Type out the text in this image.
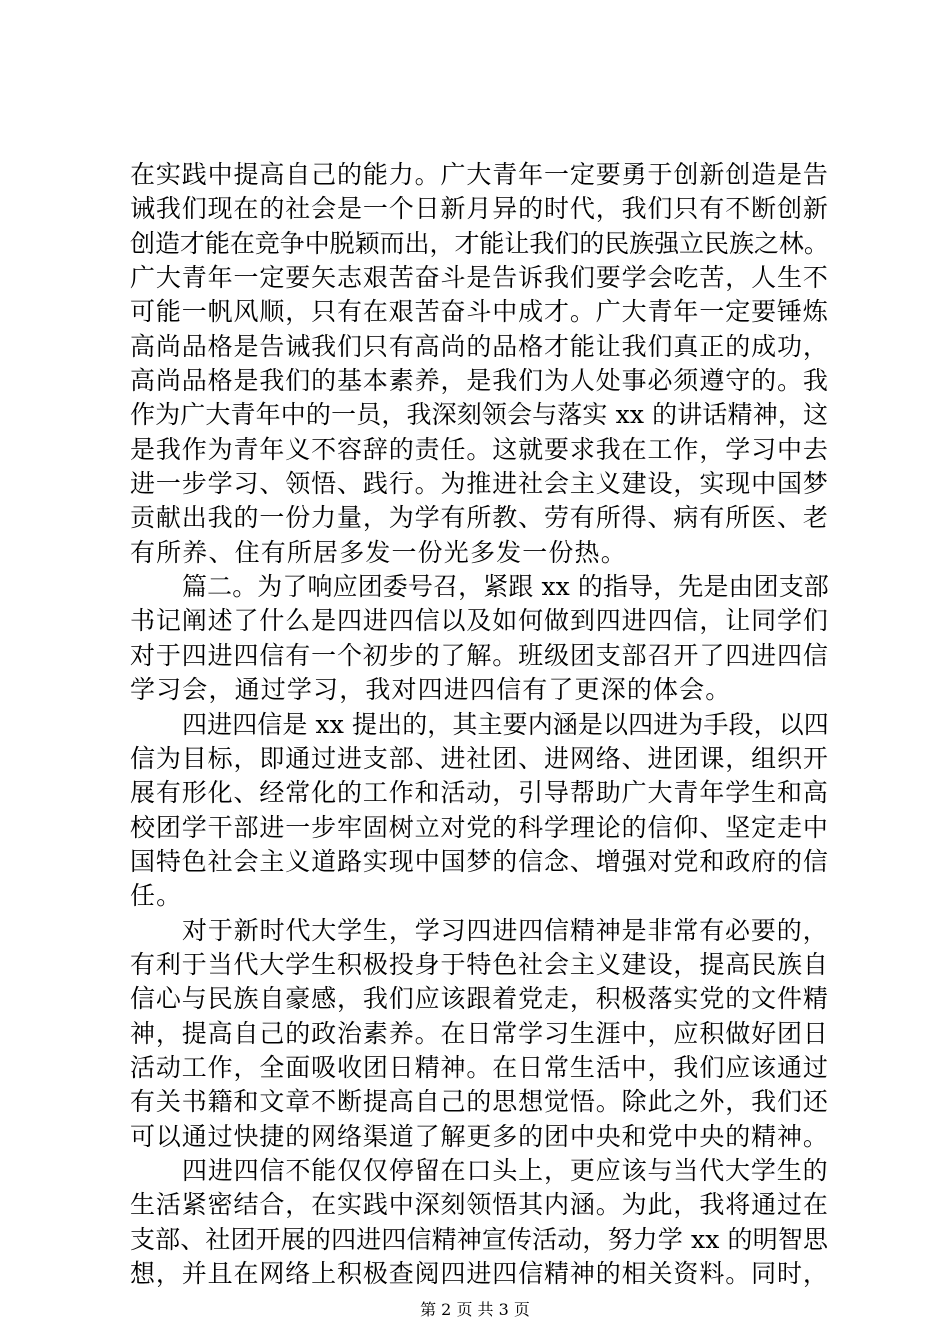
在实践中提高自己的能力。广大青年一定要勇于创新创造是告
诫我们现在的社会是一个日新月异的时代，我们只有不断创新
创造才能在竞争中脱颖而出，才能让我们的民族强立民族之林。
广大青年一定要矢志艰苦奋斗是告诉我们要学会吃苦，人生不
可能一帆风顺，只有在艰苦奋斗中成才。广大青年一定要锤炼
高尚品格是告诫我们只有高尚的品格才能让我们真正的成功，
高尚品格是我们的基本素养，是我们为人处事必须遵守的。我
作为广大青年中的一员，我深刻领会与落实 xx 的讲话精神，这
是我作为青年义不容辞的责任。这就要求我在工作，学习中去
进一步学习、领悟、践行。为推进社会主义建设，实现中国梦
贡献出我的一份力量，为学有所教、劳有所得、病有所医、老
有所养、住有所居多发一份光多发一份热。
篇二。为了响应团委号召，紧跟 xx 的指导，先是由团支部
书记阐述了什么是四进四信以及如何做到四进四信，让同学们
对于四进四信有一个初步的了解。班级团支部召开了四进四信
学习会，通过学习，我对四进四信有了更深的体会。
四进四信是 xx 提出的，其主要内涵是以四进为手段，以四
信为目标，即通过进支部、进社团、进网络、进团课，组织开
展有形化、经常化的工作和活动，引导帮助广大青年学生和高
校团学干部进一步牢固树立对党的科学理论的信仰、坚定走中
国特色社会主义道路实现中国梦的信念、增强对党和政府的信
任。
对于新时代大学生，学习四进四信精神是非常有必要的，
有利于当代大学生积极投身于特色社会主义建设，提高民族自
信心与民族自豪感，我们应该跟着党走，积极落实党的文件精
神，提高自己的政治素养。在日常学习生涯中，应积做好团日
活动工作，全面吸收团日精神。在日常生活中，我们应该通过
有关书籍和文章不断提高自己的思想觉悟。除此之外，我们还
可以通过快捷的网络渠道了解更多的团中央和党中央的精神。
四进四信不能仅仅停留在口头上，更应该与当代大学生的
生活紧密结合，在实践中深刻领悟其内涵。为此，我将通过在
支部、社团开展的四进四信精神宣传活动，努力学 xx 的明智思
想，并且在网络上积极查阅四进四信精神的相关资料。同时，
第 2 页 共 3 页
